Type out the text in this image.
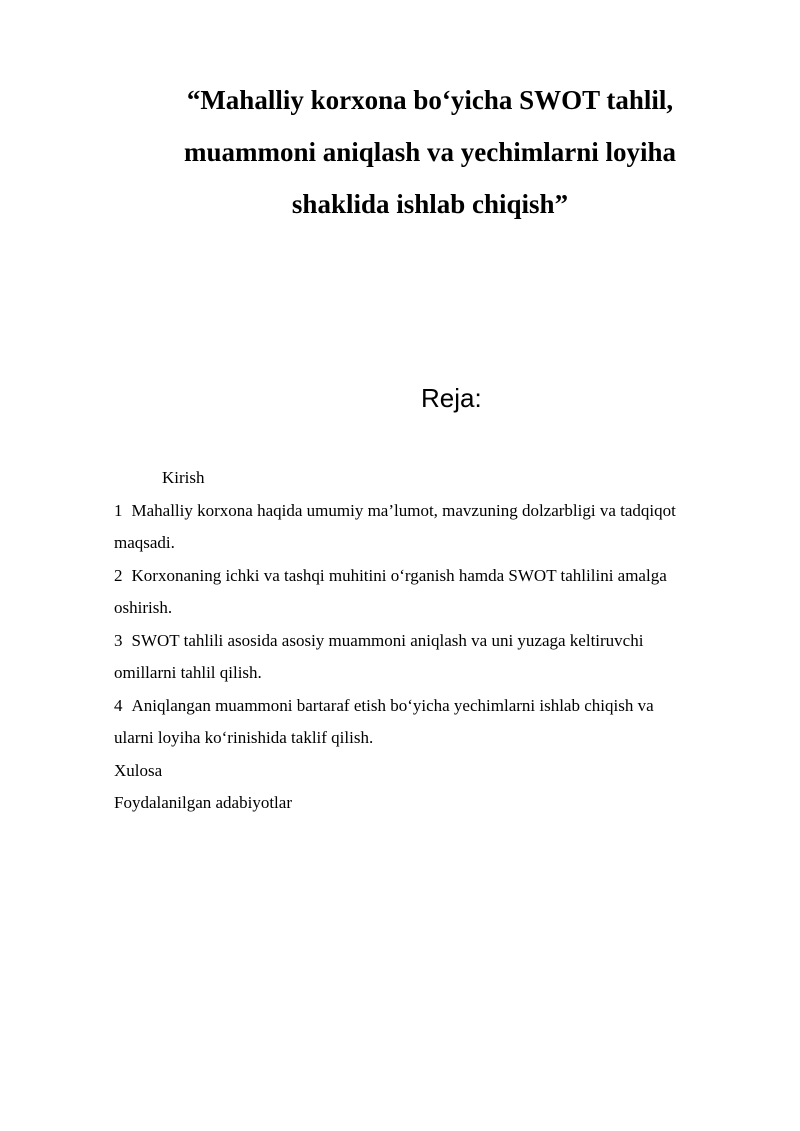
“Mahalliy korxona bo‘yicha SWOT tahlil,
muammoni aniqlash va yechimlarni loyiha
shaklida ishlab chiqish”
Reja:
Kirish
1 Mahalliy korxona haqida umumiy ma’lumot, mavzuning dolzarbligi va tadqiqot
maqsadi.
2 Korxonaning ichki va tashqi muhitini o‘rganish hamda SWOT tahlilini amalga
oshirish.
3 SWOT tahlili asosida asosiy muammoni aniqlash va uni yuzaga keltiruvchi
omillarni tahlil qilish.
4 Aniqlangan muammoni bartaraf etish bo‘yicha yechimlarni ishlab chiqish va
ularni loyiha ko‘rinishida taklif qilish.
Xulosa
Foydalanilgan adabiyotlar
